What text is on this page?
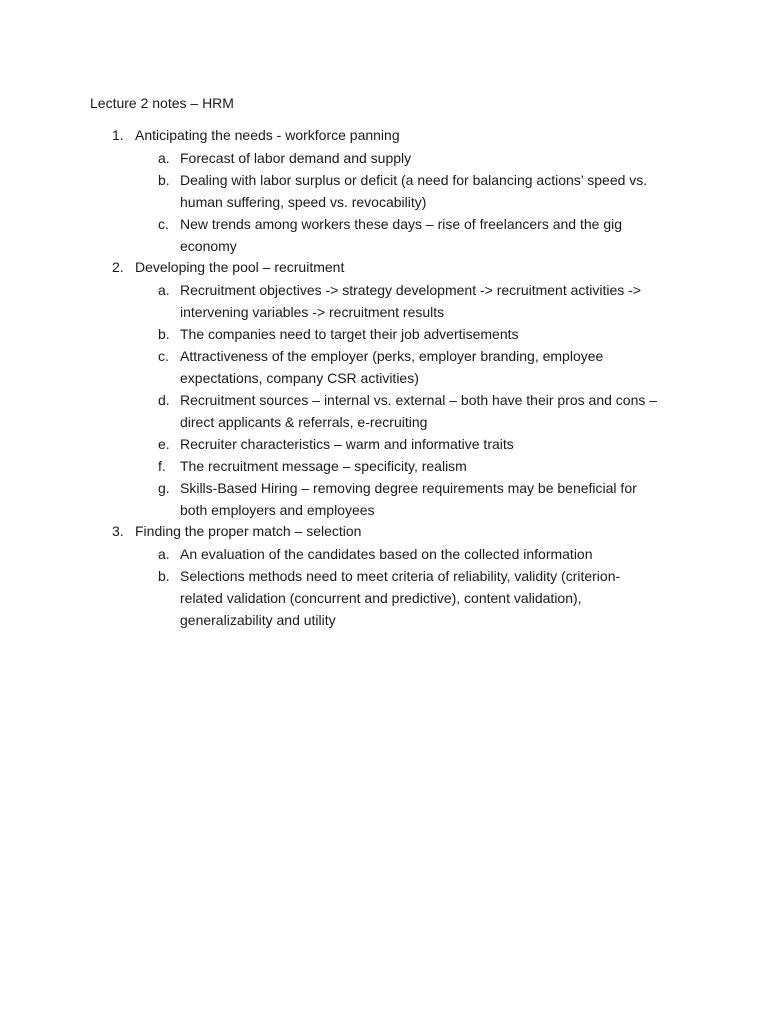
Lecture 2 notes – HRM
1. Anticipating the needs - workforce panning
a. Forecast of labor demand and supply
b. Dealing with labor surplus or deficit (a need for balancing actions’ speed vs.
human suffering, speed vs. revocability)
c. New trends among workers these days – rise of freelancers and the gig
economy
2. Developing the pool – recruitment
a. Recruitment objectives -> strategy development -> recruitment activities ->
intervening variables -> recruitment results
b. The companies need to target their job advertisements
c. Attractiveness of the employer (perks, employer branding, employee
expectations, company CSR activities)
d. Recruitment sources – internal vs. external – both have their pros and cons –
direct applicants & referrals, e-recruiting
e. Recruiter characteristics – warm and informative traits
f. The recruitment message – specificity, realism
g. Skills-Based Hiring – removing degree requirements may be beneficial for
both employers and employees
3. Finding the proper match – selection
a. An evaluation of the candidates based on the collected information
b. Selections methods need to meet criteria of reliability, validity (criterion-
related validation (concurrent and predictive), content validation),
generalizability and utility
